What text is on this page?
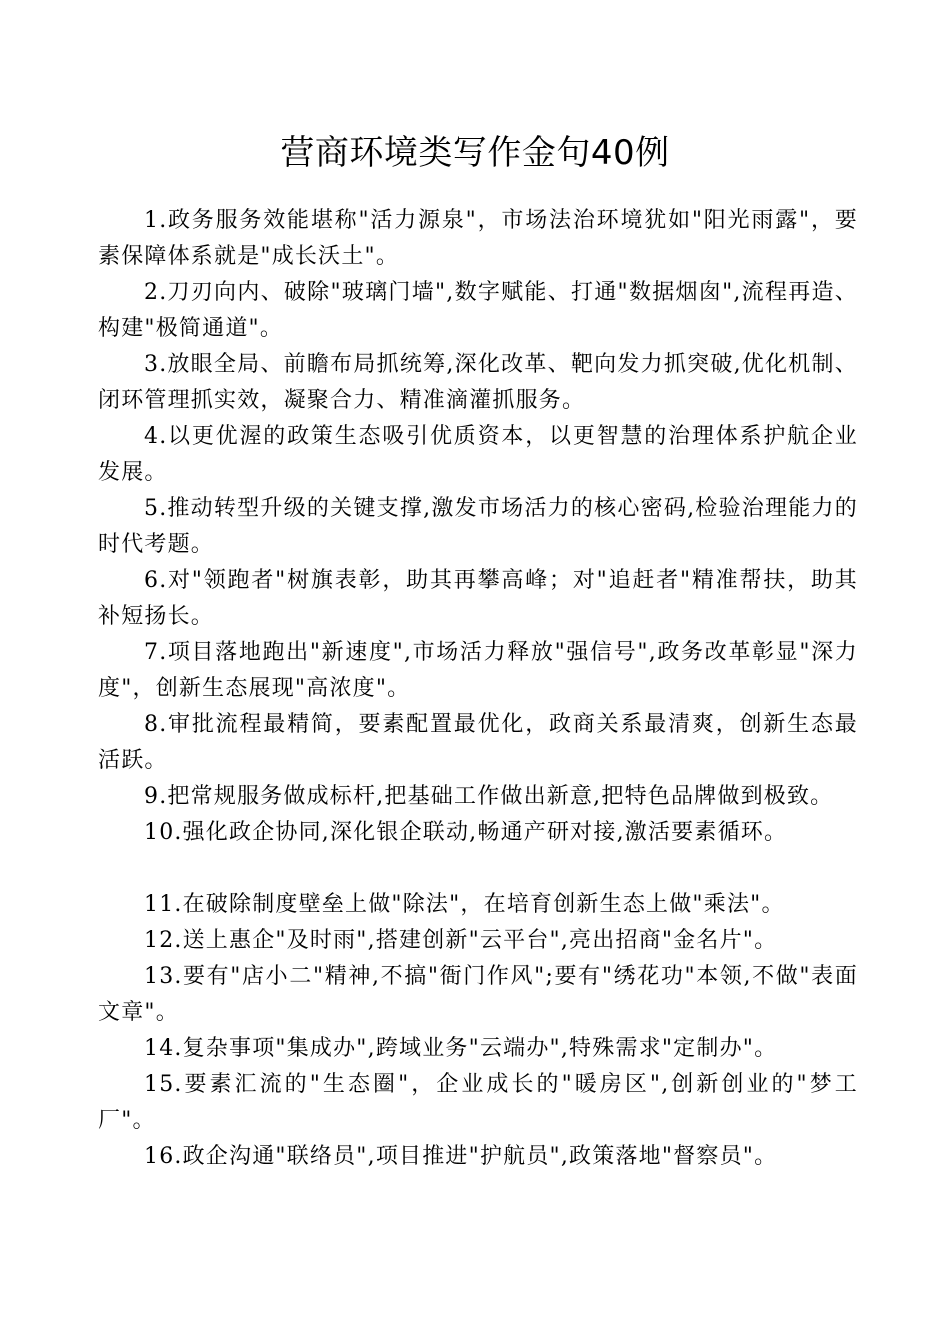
营商环境类写作金句40例

1.政务服务效能堪称"活力源泉"，市场法治环境犹如"阳光雨露"，要素保障体系就是"成长沃土"。

2.刀刃向内、破除"玻璃门墙",数字赋能、打通"数据烟囱",流程再造、构建"极简通道"。

3.放眼全局、前瞻布局抓统筹,深化改革、靶向发力抓突破,优化机制、闭环管理抓实效，凝聚合力、精准滴灌抓服务。

4.以更优渥的政策生态吸引优质资本，以更智慧的治理体系护航企业发展。

5.推动转型升级的关键支撑,激发市场活力的核心密码,检验治理能力的时代考题。

6.对"领跑者"树旗表彰，助其再攀高峰；对"追赶者"精准帮扶，助其补短扬长。

7.项目落地跑出"新速度",市场活力释放"强信号",政务改革彰显"深力度"，创新生态展现"高浓度"。

8.审批流程最精简，要素配置最优化，政商关系最清爽，创新生态最活跃。

9.把常规服务做成标杆,把基础工作做出新意,把特色品牌做到极致。

10.强化政企协同,深化银企联动,畅通产研对接,激活要素循环。

11.在破除制度壁垒上做"除法"，在培育创新生态上做"乘法"。

12.送上惠企"及时雨",搭建创新"云平台",亮出招商"金名片"。

13.要有"店小二"精神,不搞"衙门作风";要有"绣花功"本领,不做"表面文章"。

14.复杂事项"集成办",跨域业务"云端办",特殊需求"定制办"。

15.要素汇流的"生态圈"，企业成长的"暖房区",创新创业的"梦工厂"。

16.政企沟通"联络员",项目推进"护航员",政策落地"督察员"。
